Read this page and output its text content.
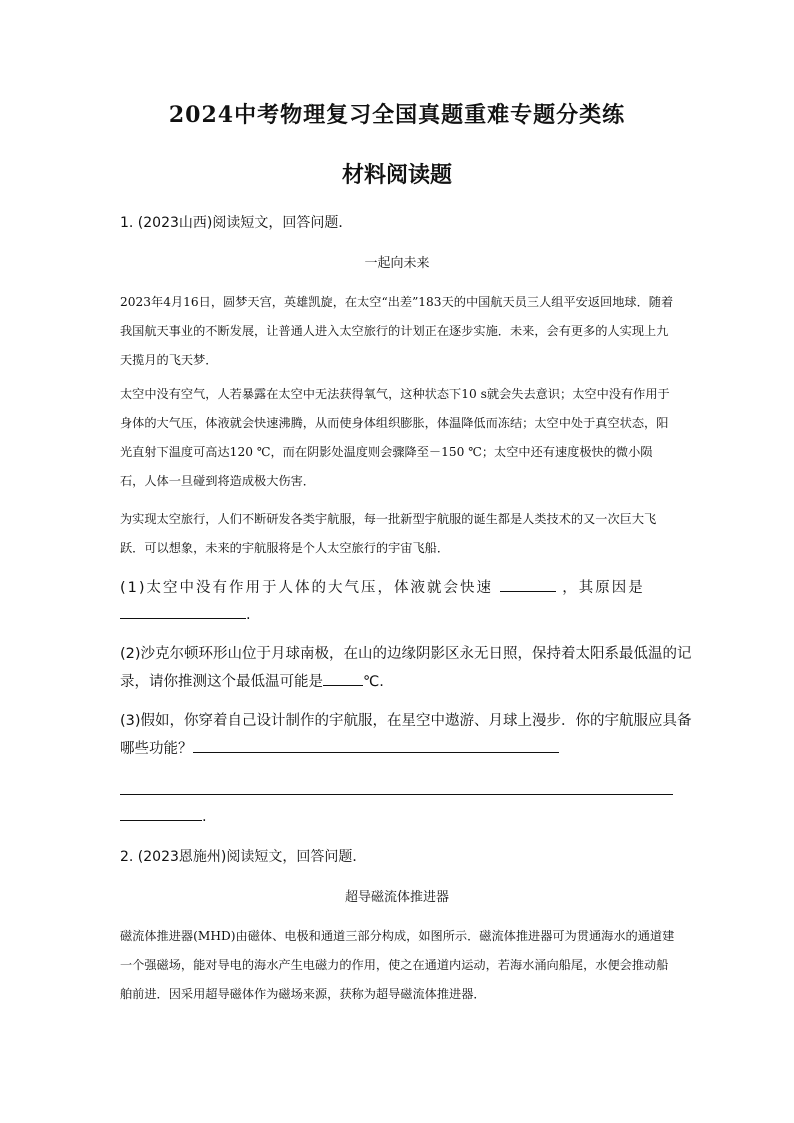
2024中考物理复习全国真题重难专题分类练
材料阅读题
1. (2023山西)阅读短文，回答问题．
一起向未来
2023年4月16日，圆梦天宫，英雄凯旋，在太空“出差”183天的中国航天员三人组平安返回地球．随着我国航天事业的不断发展，让普通人进入太空旅行的计划正在逐步实施．未来，会有更多的人实现上九天揽月的飞天梦．
太空中没有空气，人若暴露在太空中无法获得氧气，这种状态下10 s就会失去意识；太空中没有作用于身体的大气压，体液就会快速沸腾，从而使身体组织膨胀，体温降低而冻结；太空中处于真空状态，阳光直射下温度可高达120 ℃，而在阴影处温度则会骤降至－150 ℃；太空中还有速度极快的微小陨石，人体一旦碰到将造成极大伤害．
为实现太空旅行，人们不断研发各类宇航服，每一批新型宇航服的诞生都是人类技术的又一次巨大飞跃．可以想象，未来的宇航服将是个人太空旅行的宇宙飞船．
(1)太空中没有作用于人体的大气压，体液就会快速	，其原因是
.
(2)沙克尔顿环形山位于月球南极，在山的边缘阴影区永无日照，保持着太阳系最低温的记
录，请你推测这个最低温可能是	℃.
(3)假如，你穿着自己设计制作的宇航服，在星空中遨游、月球上漫步．你的宇航服应具备
哪些功能？
.
2. (2023恩施州)阅读短文，回答问题．
超导磁流体推进器
磁流体推进器(MHD)由磁体、电极和通道三部分构成，如图所示．磁流体推进器可为贯通海水的通道建一个强磁场，能对导电的海水产生电磁力的作用，使之在通道内运动，若海水涌向船尾，水便会推动船舶前进．因采用超导磁体作为磁场来源，获称为超导磁流体推进器．
